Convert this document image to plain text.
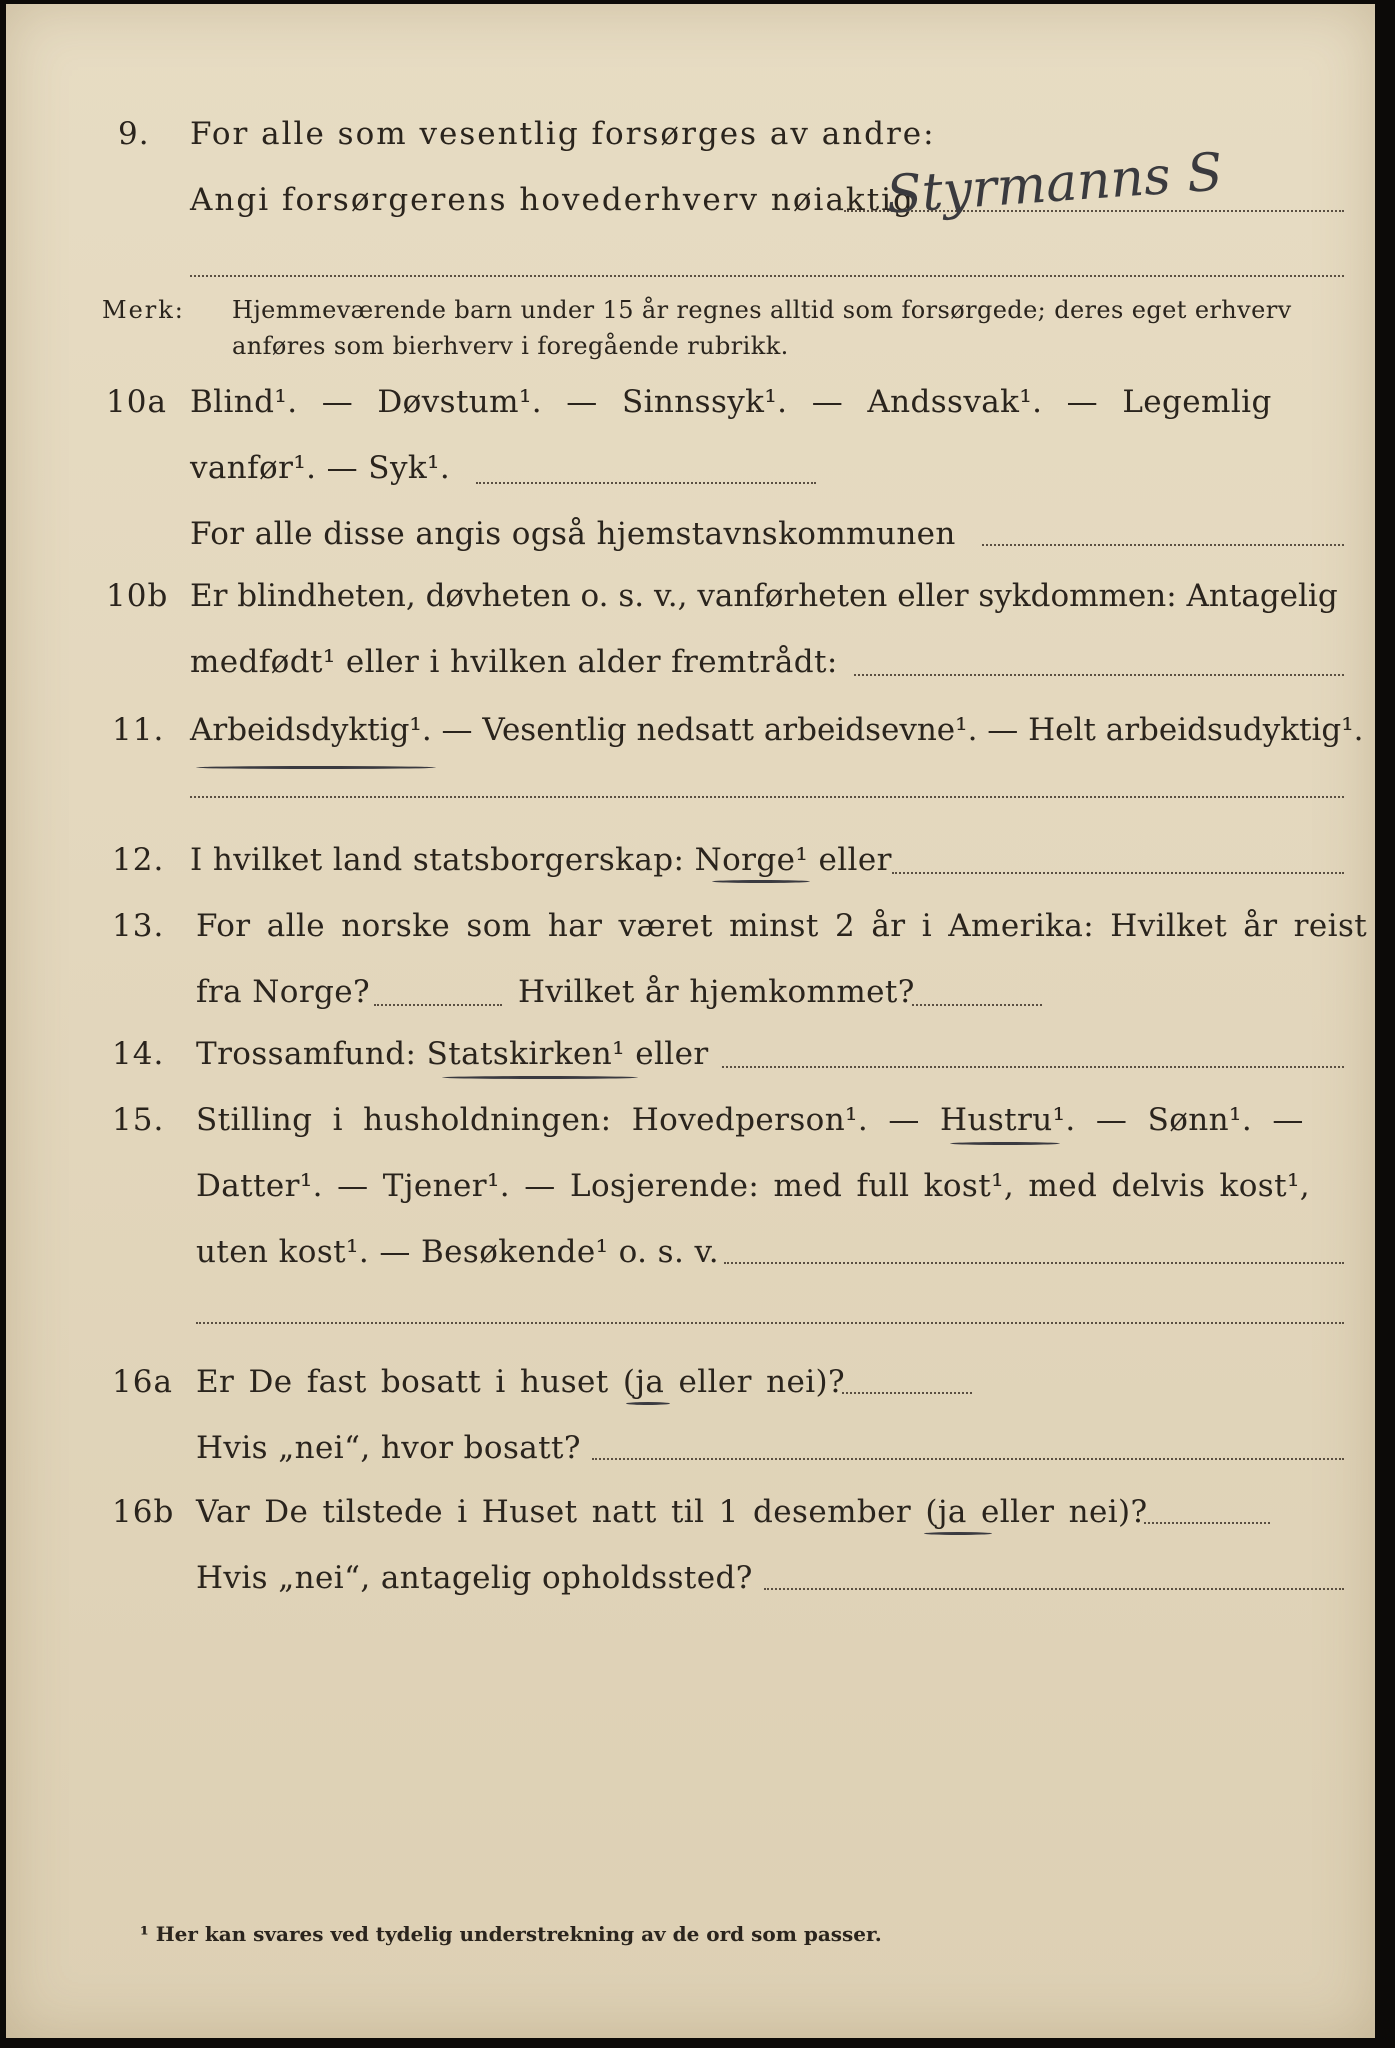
9. For alle som vesentlig forsørges av andre:
Angi forsørgerens hovederhverv nøiaktig
Styrmanns S
Merk: Hjemmeværende barn under 15 år regnes alltid som forsørgede; deres eget erhverv
anføres som bierhverv i foregående rubrikk.
10a Blind¹. — Døvstum¹. — Sinnssyk¹. — Andssvak¹. — Legemlig
vanfør¹. — Syk¹.
For alle disse angis også hjemstavnskommunen
10b Er blindheten, døvheten o. s. v., vanførheten eller sykdommen: Antagelig
medfødt¹ eller i hvilken alder fremtrådt:
11. Arbeidsdyktig¹. — Vesentlig nedsatt arbeidsevne¹. — Helt arbeidsudyktig¹.
12. I hvilket land statsborgerskap: Norge¹ eller
13. For alle norske som har været minst 2 år i Amerika: Hvilket år reist
fra Norge?	Hvilket år hjemkommet?
14. Trossamfund: Statskirken¹ eller
15. Stilling i husholdningen: Hovedperson¹. — Hustru¹. — Sønn¹. —
Datter¹. — Tjener¹. — Losjerende: med full kost¹, med delvis kost¹,
uten kost¹. — Besøkende¹ o. s. v.
16a Er De fast bosatt i huset (ja eller nei)?
Hvis „nei“, hvor bosatt?
16b Var De tilstede i Huset natt til 1 desember (ja eller nei)?
Hvis „nei“, antagelig opholdssted?
¹ Her kan svares ved tydelig understrekning av de ord som passer.
